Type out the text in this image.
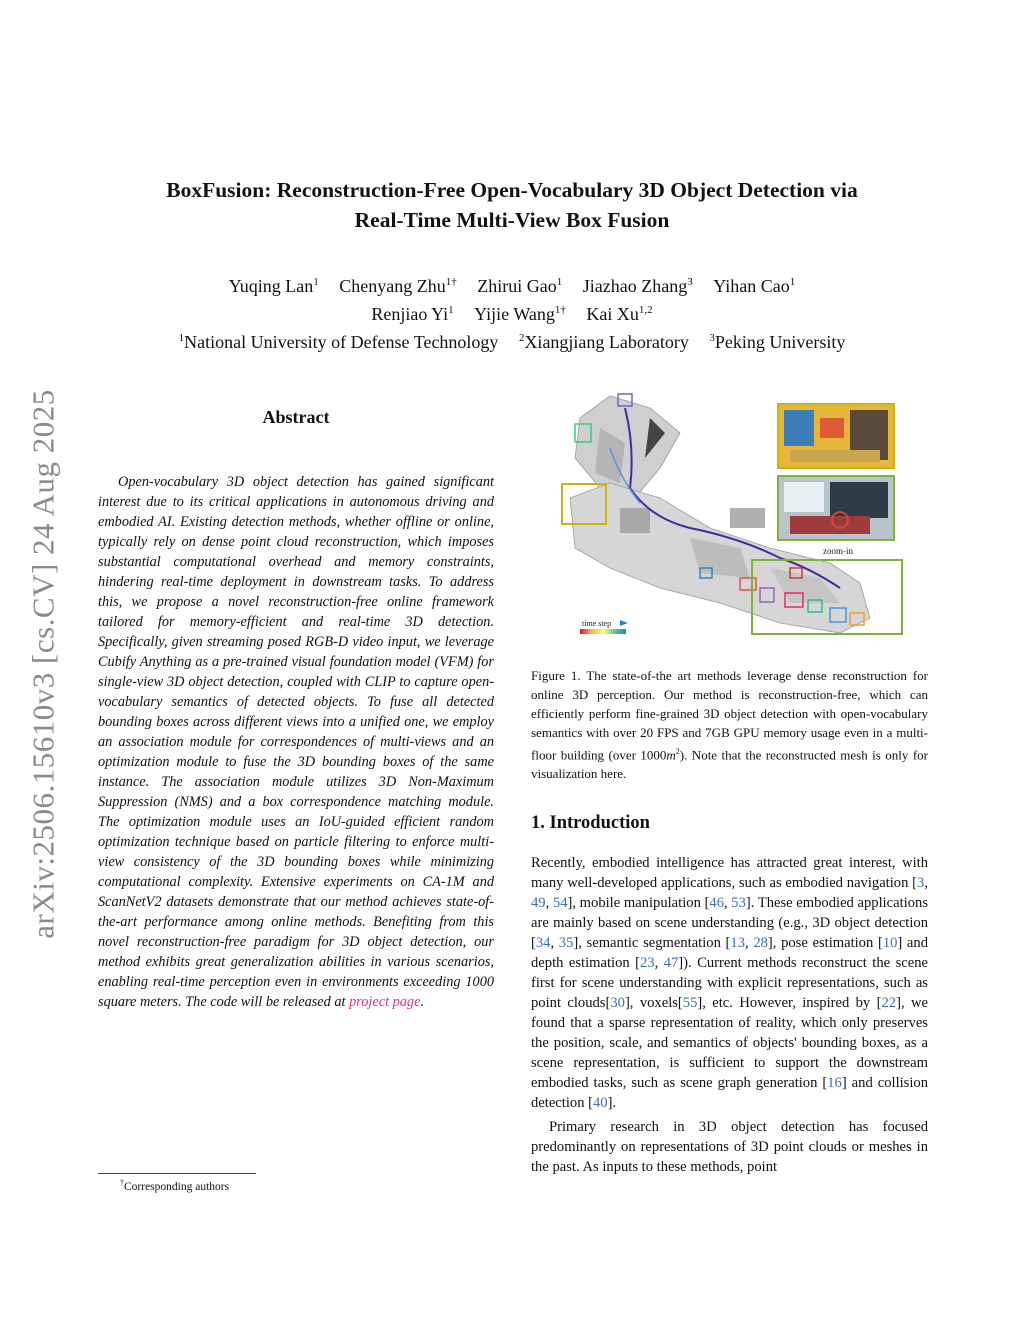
arXiv:2506.15610v3 [cs.CV] 24 Aug 2025
BoxFusion: Reconstruction-Free Open-Vocabulary 3D Object Detection via
Real-Time Multi-View Box Fusion
Yuqing Lan$^1$ Chenyang Zhu$^{1\dagger}$ Zhirui Gao$^1$ Jiazhao Zhang$^3$ Yihan Cao$^1$
Renjiao Yi$^1$ Yijie Wang$^{1\dagger}$ Kai Xu$^{1,2}$
$^1$National University of Defense Technology $^2$Xiangjiang Laboratory $^3$Peking University
Abstract
Open-vocabulary 3D object detection has gained significant interest due to its critical applications in autonomous driving and embodied AI. Existing detection methods, whether offline or online, typically rely on dense point cloud reconstruction, which imposes substantial computational overhead and memory constraints, hindering real-time deployment in downstream tasks. To address this, we propose a novel reconstruction-free online framework tailored for memory-efficient and real-time 3D detection. Specifically, given streaming posed RGB-D video input, we leverage Cubify Anything as a pre-trained visual foundation model (VFM) for single-view 3D object detection, coupled with CLIP to capture open-vocabulary semantics of detected objects. To fuse all detected bounding boxes across different views into a unified one, we employ an association module for correspondences of multi-views and an optimization module to fuse the 3D bounding boxes of the same instance. The association module utilizes 3D Non-Maximum Suppression (NMS) and a box correspondence matching module. The optimization module uses an IoU-guided efficient random optimization technique based on particle filtering to enforce multi-view consistency of the 3D bounding boxes while minimizing computational complexity. Extensive experiments on CA-1M and ScanNetV2 datasets demonstrate that our method achieves state-of-the-art performance among online methods. Benefiting from this novel reconstruction-free paradigm for 3D object detection, our method exhibits great generalization abilities in various scenarios, enabling real-time perception even in environments exceeding 1000 square meters. The code will be released at project page.
†Corresponding authors
zoom-in
time step
Figure 1. The state-of-the art methods leverage dense reconstruction for online 3D perception. Our method is reconstruction-free, which can efficiently perform fine-grained 3D object detection with open-vocabulary semantics with over 20 FPS and 7GB GPU memory usage even in a multi-floor building (over $1000m^2$). Note that the reconstructed mesh is only for visualization here.
1. Introduction

Recently, embodied intelligence has attracted great interest, with many well-developed applications, such as embodied navigation [3, 49, 54], mobile manipulation [46, 53]. These embodied applications are mainly based on scene understanding (e.g., 3D object detection [34, 35], semantic segmentation [13, 28], pose estimation [10] and depth estimation [23, 47]). Current methods reconstruct the scene first for scene understanding with explicit representations, such as point clouds[30], voxels[55], etc. However, inspired by [22], we found that a sparse representation of reality, which only preserves the position, scale, and semantics of objects' bounding boxes, as a scene representation, is sufficient to support the downstream embodied tasks, such as scene graph generation [16] and collision detection [40].

Primary research in 3D object detection has focused predominantly on representations of 3D point clouds or meshes in the past. As inputs to these methods, point
